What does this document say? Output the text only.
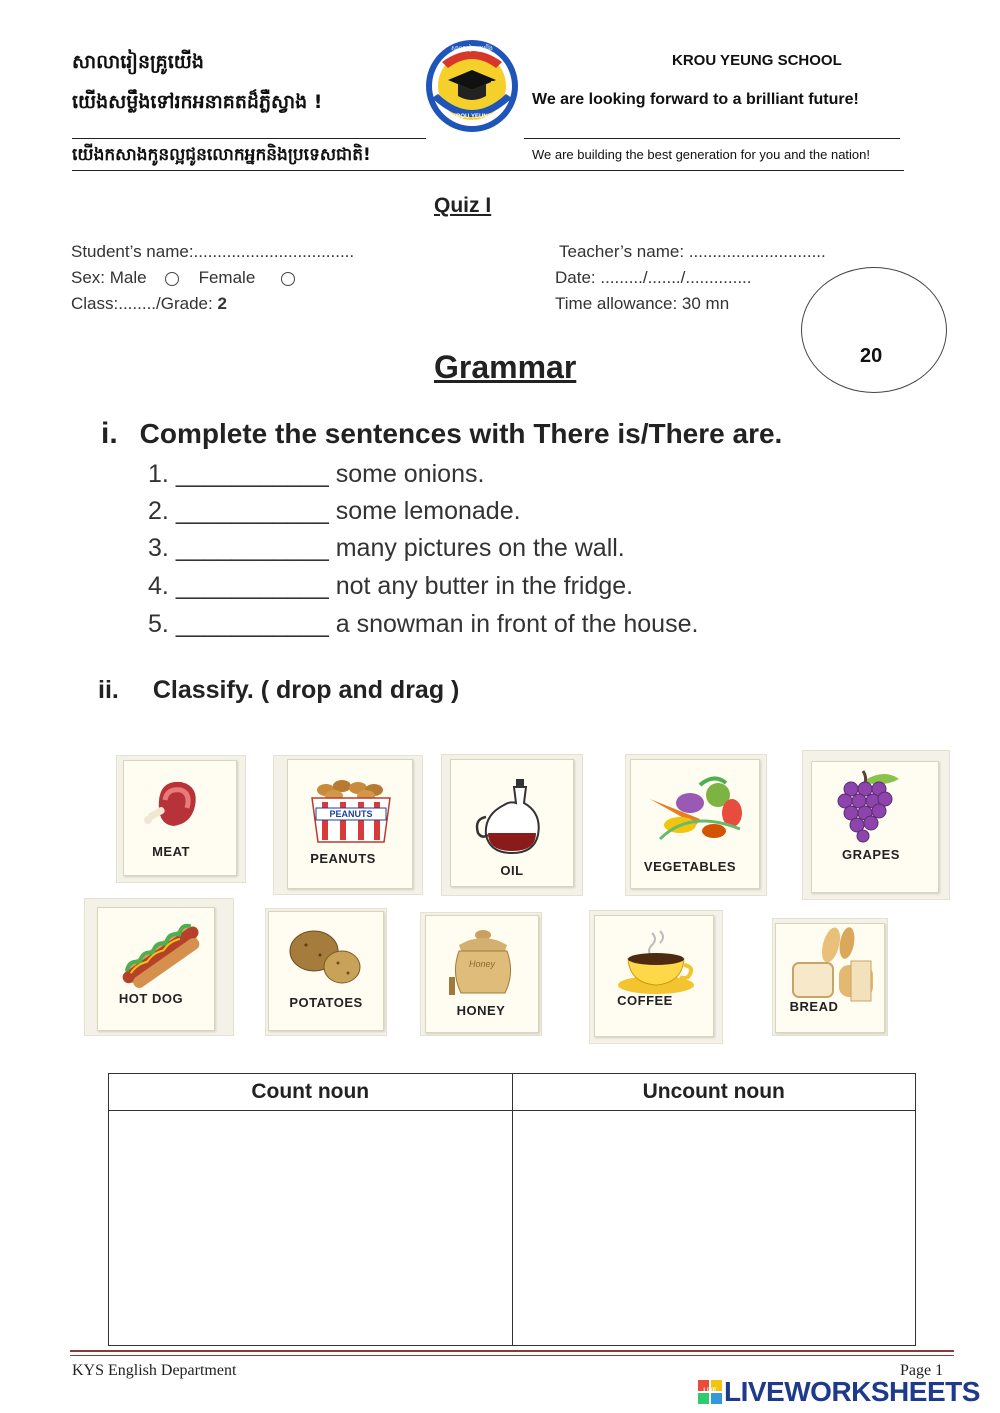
សាលារៀនគ្រូយើង
យើងសម្លឹងទៅរកអនាគតដ៏ភ្លឺស្វាង !
យើងកសាងកូនល្អជូនលោកអ្នកនិងប្រទេសជាតិ!
KROU YEUNG SCHOOL
សាលារៀនគ្រូយើង
KROU YEUNG SCHOOL
We are looking forward to a brilliant future!
We are building the best generation for you and the nation!
Quiz I
Student’s name:..................................
Sex: Male	Female
Class:......../Grade: 2
Teacher’s name: .............................
Date: ........./......./..............
Time allowance: 30 mn
20
Grammar
i. Complete the sentences with There is/There are.
1. ___________ some onions.
2. ___________ some lemonade.
3. ___________ many pictures on the wall.
4. ___________ not any butter in the fridge.
5. ___________ a snowman in front of the house.
ii. Classify. ( drop and drag )
MEAT
PEANUTS
PEANUTS
OIL	VEGETABLES
GRAPES
HOT DOG	POTATOES
Honey
HONEY
COFFEE	BREAD
Count noun	Uncount noun

KYS English Department	Page 1
LIVE LIVEWORKSHEETS
